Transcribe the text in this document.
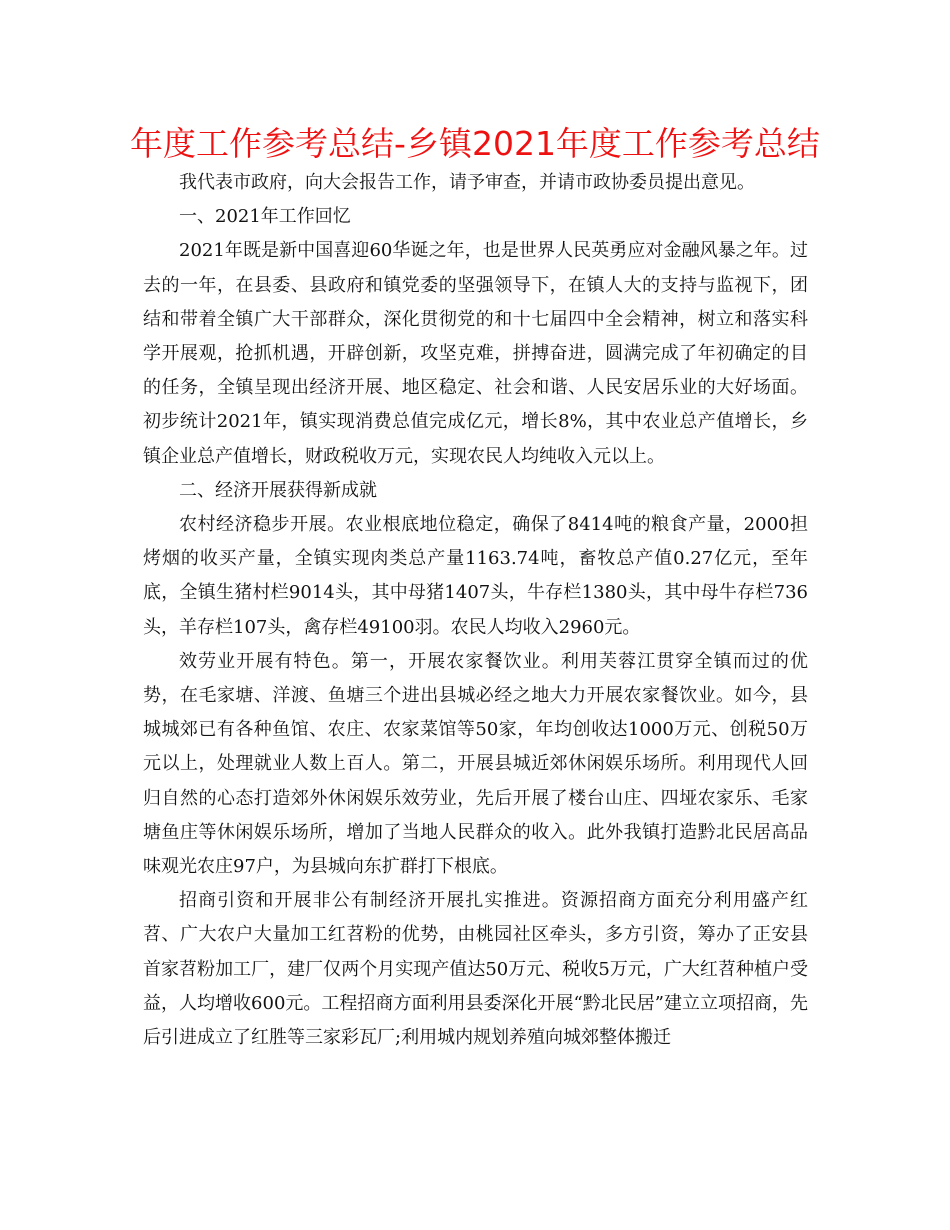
年度工作参考总结-乡镇2021年度工作参考总结

我代表市政府，向大会报告工作，请予审查，并请市政协委员提出意见。

一、2021年工作回忆

2021年既是新中国喜迎60华诞之年，也是世界人民英勇应对金融风暴之年。过去的一年，在县委、县政府和镇党委的坚强领导下，在镇人大的支持与监视下，团结和带着全镇广大干部群众，深化贯彻党的和十七届四中全会精神，树立和落实科学开展观，抢抓机遇，开辟创新，攻坚克难，拼搏奋进，圆满完成了年初确定的目的任务，全镇呈现出经济开展、地区稳定、社会和谐、人民安居乐业的大好场面。初步统计2021年，镇实现消费总值完成亿元，增长8%，其中农业总产值增长，乡镇企业总产值增长，财政税收万元，实现农民人均纯收入元以上。

二、经济开展获得新成就

农村经济稳步开展。农业根底地位稳定，确保了8414吨的粮食产量，2000担烤烟的收买产量，全镇实现肉类总产量1163.74吨，畜牧总产值0.27亿元，至年底，全镇生猪村栏9014头，其中母猪1407头，牛存栏1380头，其中母牛存栏736头，羊存栏107头，禽存栏49100羽。农民人均收入2960元。

效劳业开展有特色。第一，开展农家餐饮业。利用芙蓉江贯穿全镇而过的优势，在毛家塘、洋渡、鱼塘三个进出县城必经之地大力开展农家餐饮业。如今，县城城郊已有各种鱼馆、农庄、农家菜馆等50家，年均创收达1000万元、创税50万元以上，处理就业人数上百人。第二，开展县城近郊休闲娱乐场所。利用现代人回归自然的心态打造郊外休闲娱乐效劳业，先后开展了楼台山庄、四垭农家乐、毛家塘鱼庄等休闲娱乐场所，增加了当地人民群众的收入。此外我镇打造黔北民居高品味观光农庄97户，为县城向东扩群打下根底。

招商引资和开展非公有制经济开展扎实推进。资源招商方面充分利用盛产红苕、广大农户大量加工红苕粉的优势，由桃园社区牵头，多方引资，筹办了正安县首家苕粉加工厂，建厂仅两个月实现产值达50万元、税收5万元，广大红苕种植户受益，人均增收600元。工程招商方面利用县委深化开展“黔北民居”建立立项招商，先后引进成立了红胜等三家彩瓦厂;利用城内规划养殖向城郊整体搬迁
